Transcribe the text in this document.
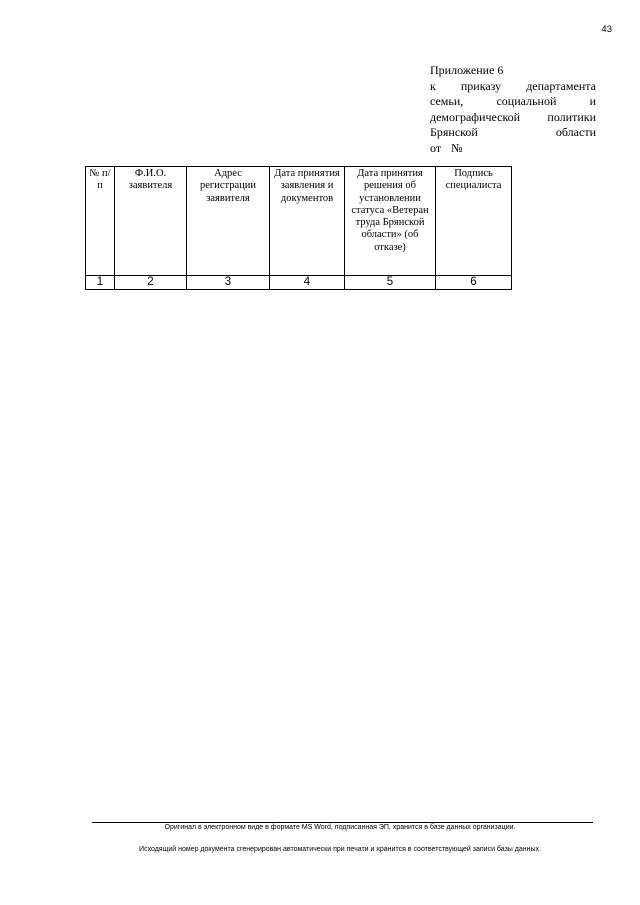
43
Приложение 6
к приказу департамента
семьи,	социальной	и
демографической политики
Брянской	области
от №
№ п/п	Ф.И.О. заявителя	Адрес регистрации заявителя	Дата принятия заявления и документов	Дата принятия решения об установлении статуса «Ветеран труда Брянской области» (об отказе)	Подпись специалиста
1	2	3	4	5	6
Оригинал в электронном виде в формате MS Word, подписанная ЭП, хранится в базе данных организации.
Исходящий номер документа сгенерирован автоматически при печати и хранится в соответствующей записи базы данных.
